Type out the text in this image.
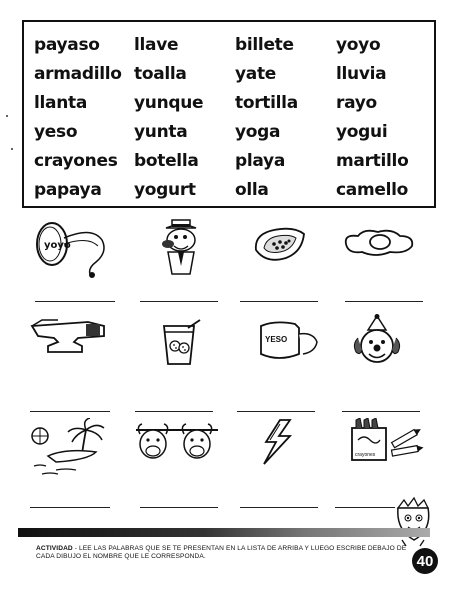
payaso
armadillo
llanta
yeso
crayones
papaya
llave
toalla
yunque
yunta
botella
yogurt
billete
yate
tortilla
yoga
playa
olla
yoyo
lluvia
rayo
yogui
martillo
camello
yoyo
YESO
crayones
ACTIVIDAD - LEE LAS PALABRAS QUE SE TE PRESENTAN EN LA LISTA DE ARRIBA Y LUEGO ESCRIBE DEBAJO DE CADA DIBUJO EL NOMBRE QUE LE CORRESPONDA.	40
